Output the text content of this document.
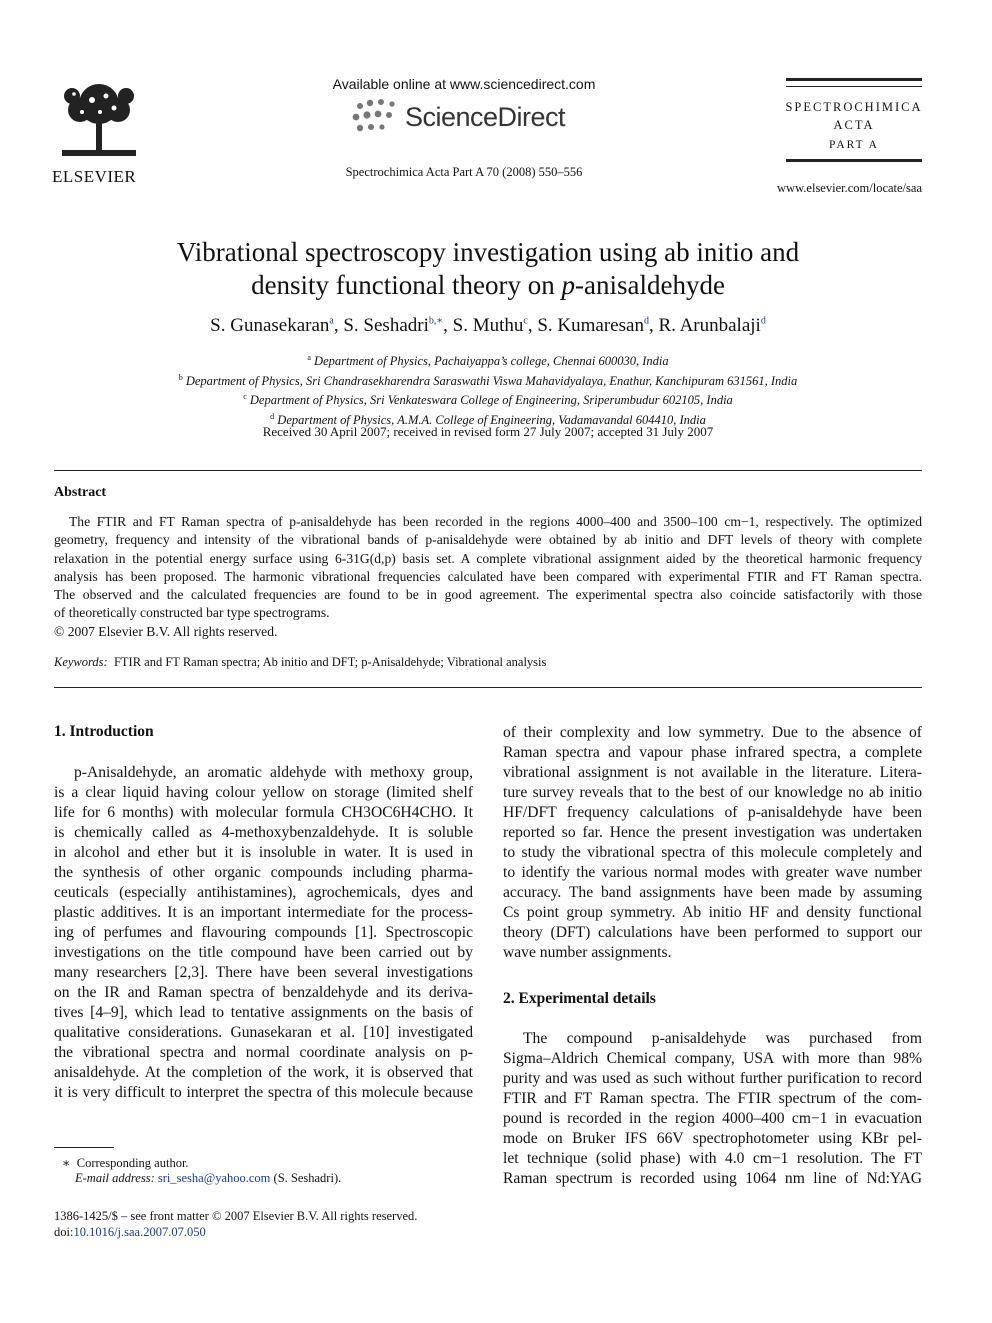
ELSEVIER
Available online at www.sciencedirect.com
ScienceDirect
Spectrochimica Acta Part A 70 (2008) 550–556
SPECTROCHIMICA
ACTA
PART A
www.elsevier.com/locate/saa
Vibrational spectroscopy investigation using ab initio and
density functional theory on p-anisaldehyde
S. Gunasekaran$^a$, S. Seshadri$^{b,∗}$, S. Muthu$^c$, S. Kumaresan$^d$, R. Arunbalaji$^d$
$^a$ Department of Physics, Pachaiyappa’s college, Chennai 600030, India
$^b$ Department of Physics, Sri Chandrasekharendra Saraswathi Viswa Mahavidyalaya, Enathur, Kanchipuram 631561, India
$^c$ Department of Physics, Sri Venkateswara College of Engineering, Sriperumbudur 602105, India
$^d$ Department of Physics, A.M.A. College of Engineering, Vadamavandal 604410, India
Received 30 April 2007; received in revised form 27 July 2007; accepted 31 July 2007
Abstract
The FTIR and FT Raman spectra of p-anisaldehyde has been recorded in the regions 4000–400 and 3500–100 cm−1, respectively. The optimized
geometry, frequency and intensity of the vibrational bands of p-anisaldehyde were obtained by ab initio and DFT levels of theory with complete
relaxation in the potential energy surface using 6-31G(d,p) basis set. A complete vibrational assignment aided by the theoretical harmonic frequency
analysis has been proposed. The harmonic vibrational frequencies calculated have been compared with experimental FTIR and FT Raman spectra.
The observed and the calculated frequencies are found to be in good agreement. The experimental spectra also coincide satisfactorily with those
of theoretically constructed bar type spectrograms.
© 2007 Elsevier B.V. All rights reserved.
Keywords: FTIR and FT Raman spectra; Ab initio and DFT; p-Anisaldehyde; Vibrational analysis
1. Introduction
p-Anisaldehyde, an aromatic aldehyde with methoxy group,
is a clear liquid having colour yellow on storage (limited shelf
life for 6 months) with molecular formula CH3OC6H4CHO. It
is chemically called as 4-methoxybenzaldehyde. It is soluble
in alcohol and ether but it is insoluble in water. It is used in
the synthesis of other organic compounds including pharma-
ceuticals (especially antihistamines), agrochemicals, dyes and
plastic additives. It is an important intermediate for the process-
ing of perfumes and flavouring compounds [1]. Spectroscopic
investigations on the title compound have been carried out by
many researchers [2,3]. There have been several investigations
on the IR and Raman spectra of benzaldehyde and its deriva-
tives [4–9], which lead to tentative assignments on the basis of
qualitative considerations. Gunasekaran et al. [10] investigated
the vibrational spectra and normal coordinate analysis on p-
anisaldehyde. At the completion of the work, it is observed that
it is very difficult to interpret the spectra of this molecule because
∗ Corresponding author.
E-mail address: sri_sesha@yahoo.com (S. Seshadri).
1386-1425/$ – see front matter © 2007 Elsevier B.V. All rights reserved.
doi:10.1016/j.saa.2007.07.050
of their complexity and low symmetry. Due to the absence of
Raman spectra and vapour phase infrared spectra, a complete
vibrational assignment is not available in the literature. Litera-
ture survey reveals that to the best of our knowledge no ab initio
HF/DFT frequency calculations of p-anisaldehyde have been
reported so far. Hence the present investigation was undertaken
to study the vibrational spectra of this molecule completely and
to identify the various normal modes with greater wave number
accuracy. The band assignments have been made by assuming
Cs point group symmetry. Ab initio HF and density functional
theory (DFT) calculations have been performed to support our
wave number assignments.
2. Experimental details
The compound p-anisaldehyde was purchased from
Sigma–Aldrich Chemical company, USA with more than 98%
purity and was used as such without further purification to record
FTIR and FT Raman spectra. The FTIR spectrum of the com-
pound is recorded in the region 4000–400 cm−1 in evacuation
mode on Bruker IFS 66V spectrophotometer using KBr pel-
let technique (solid phase) with 4.0 cm−1 resolution. The FT
Raman spectrum is recorded using 1064 nm line of Nd:YAG
